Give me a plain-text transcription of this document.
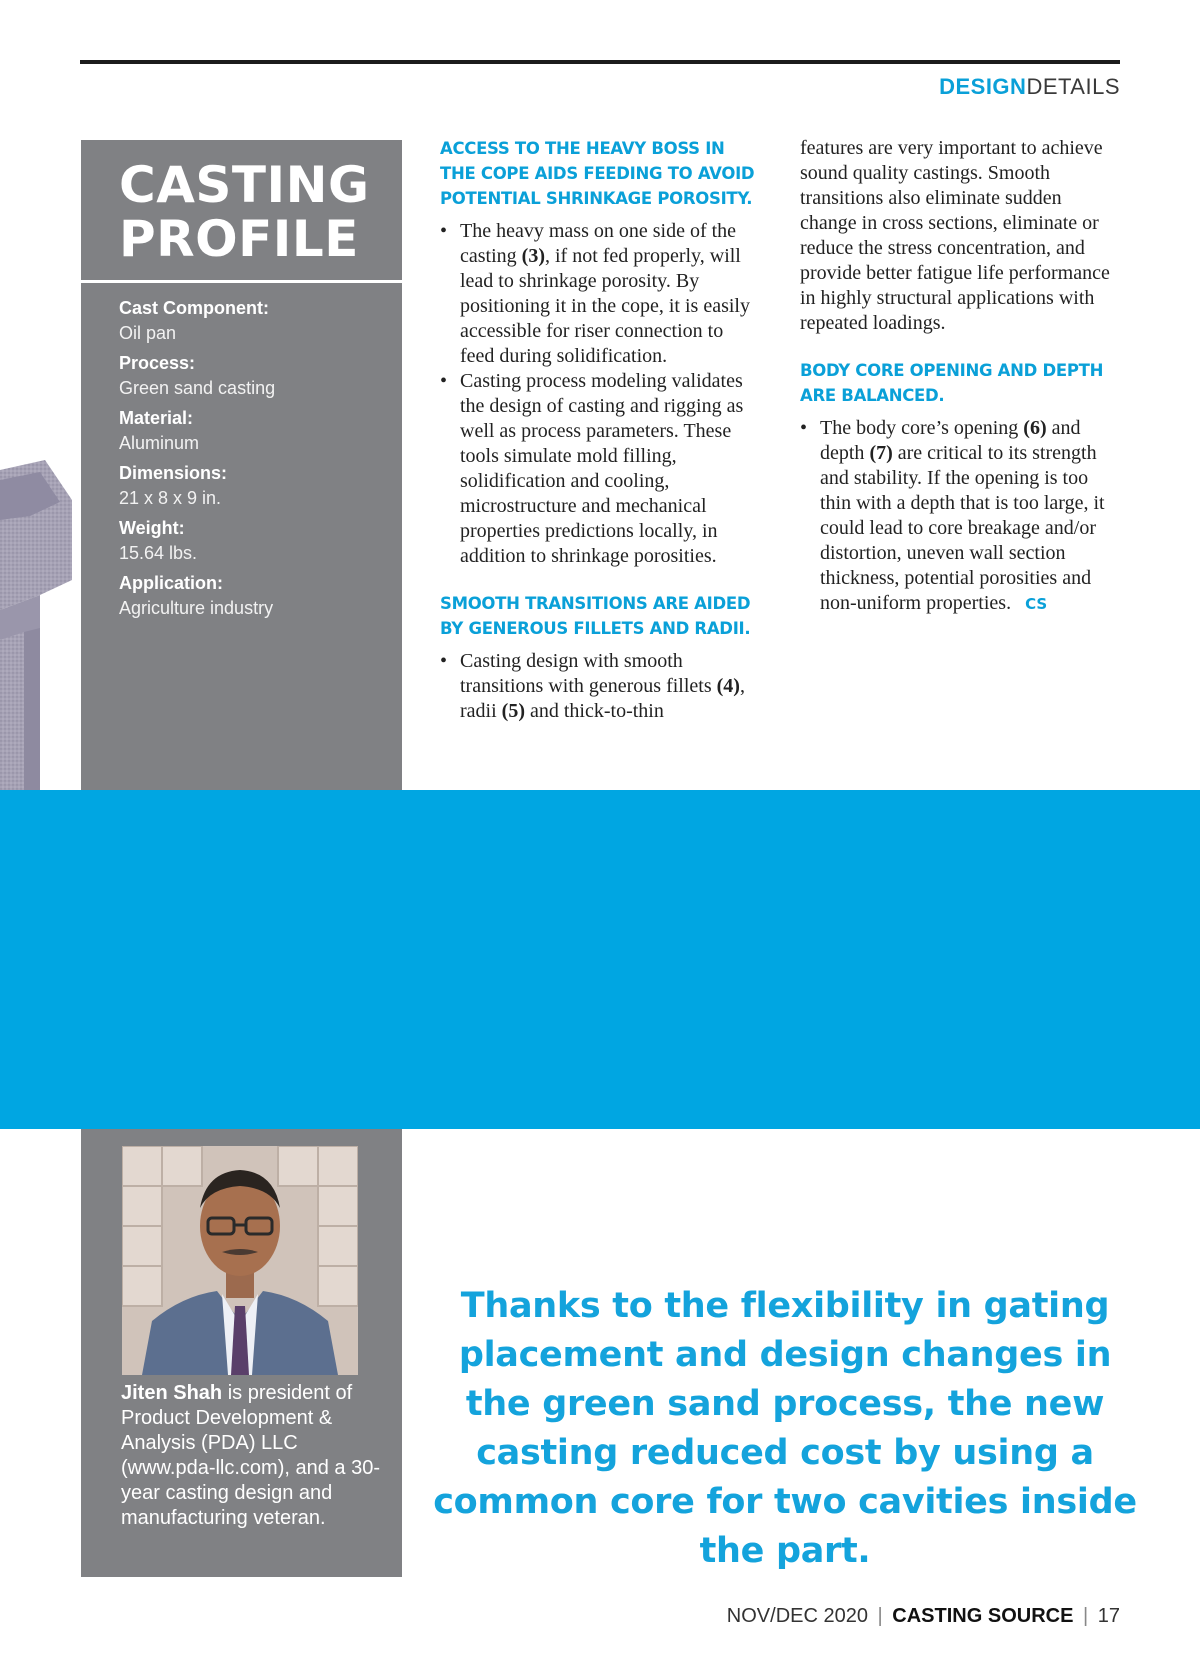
DESIGNDETAILS
CASTING
PROFILE
Cast Component:
Oil pan
Process:
Green sand casting
Material:
Aluminum
Dimensions:
21 x 8 x 9 in.
Weight:
15.64 lbs.
Application:
Agriculture industry
ACCESS TO THE HEAVY BOSS IN THE COPE AIDS FEEDING TO AVOID POTENTIAL SHRINKAGE POROSITY.
• The heavy mass on one side of the casting (3), if not fed properly, will lead to shrinkage porosity. By positioning it in the cope, it is easily accessible for riser connection to feed during solidification.
• Casting process modeling validates the design of casting and rigging as well as process parameters. These tools simulate mold filling, solidification and cooling, microstructure and mechanical properties predictions locally, in addition to shrinkage porosities.
SMOOTH TRANSITIONS ARE AIDED BY GENEROUS FILLETS AND RADII.
• Casting design with smooth transitions with generous fillets (4), radii (5) and thick-to-thin

features are very important to achieve sound quality castings. Smooth transitions also eliminate sudden change in cross sections, eliminate or reduce the stress concentration, and provide better fatigue life performance in highly structural applications with repeated loadings.

BODY CORE OPENING AND DEPTH ARE BALANCED.
• The body core’s opening (6) and depth (7) are critical to its strength and stability. If the opening is too thin with a depth that is too large, it could lead to core breakage and/or distortion, uneven wall section thickness, potential porosities and non-uniform properties. CS

Jiten Shah is president of Product Development & Analysis (PDA) LLC (www.pda-llc.com), and a 30-year casting design and manufacturing veteran.

Thanks to the flexibility in gating placement and design changes in the green sand process, the new casting reduced cost by using a common core for two cavities inside the part.

NOV/DEC 2020 | CASTING SOURCE | 17
